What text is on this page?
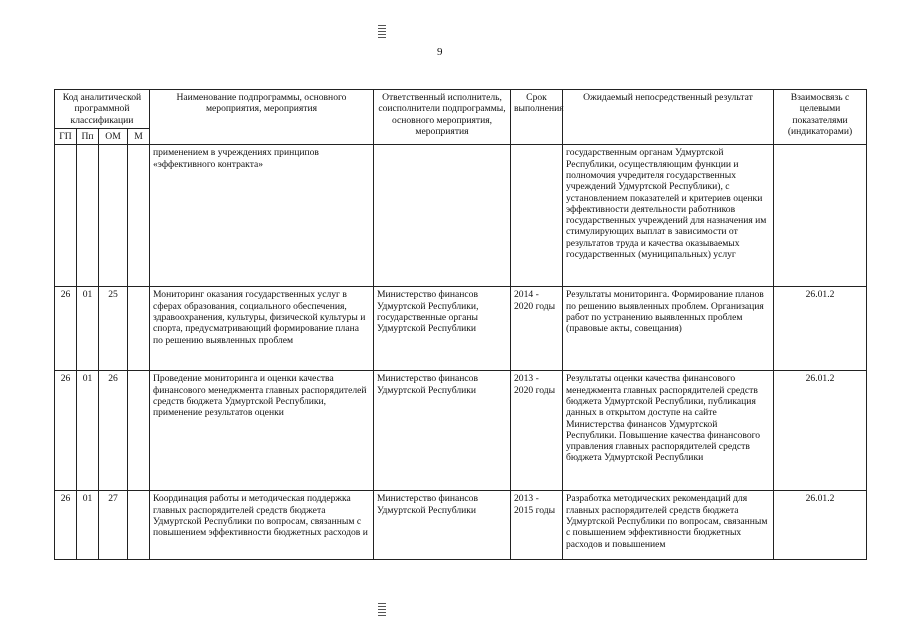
9
Код аналитической программной классификации				Наименование подпрограммы, основного мероприятия, мероприятия	Ответственный исполнитель, соисполнители подпрограммы, основного мероприятия, мероприятия	Срок выполнения	Ожидаемый непосредственный результат	Взаимосвязь с целевыми показателями (индикаторами)
ГП	Пп	ОМ	М					
				применением в учреждениях принципов «эффективного контракта»			государственным органам Удмуртской Республики, осуществляющим функции и полномочия учредителя государственных учреждений Удмуртской Республики), с установлением показателей и критериев оценки эффективности деятельности работников государственных учреждений для назначения им стимулирующих выплат в зависимости от результатов труда и качества оказываемых государственных (муниципальных) услуг	
26	01	25		Мониторинг оказания государственных услуг в сферах образования, социального обеспечения, здравоохранения, культуры, физической культуры и спорта, предусматривающий формирование плана по решению выявленных проблем	Министерство финансов Удмуртской Республики, государственные органы Удмуртской Республики	2014 - 2020 годы	Результаты мониторинга. Формирование планов по решению выявленных проблем. Организация работ по устранению выявленных проблем (правовые акты, совещания)	26.01.2
26	01	26		Проведение мониторинга и оценки качества финансового менеджмента главных распорядителей средств бюджета Удмуртской Республики, применение результатов оценки	Министерство финансов Удмуртской Республики	2013 - 2020 годы	Результаты оценки качества финансового менеджмента главных распорядителей средств бюджета Удмуртской Республики, публикация данных в открытом доступе на сайте Министерства финансов Удмуртской Республики. Повышение качества финансового управления главных распорядителей средств бюджета Удмуртской Республики	26.01.2
26	01	27		Координация работы и методическая поддержка главных распорядителей средств бюджета Удмуртской Республики по вопросам, связанным с повышением эффективности бюджетных расходов и	Министерство финансов Удмуртской Республики	2013 - 2015 годы	Разработка методических рекомендаций для главных распорядителей средств бюджета Удмуртской Республики по вопросам, связанным с повышением эффективности бюджетных расходов и повышением	26.01.2
